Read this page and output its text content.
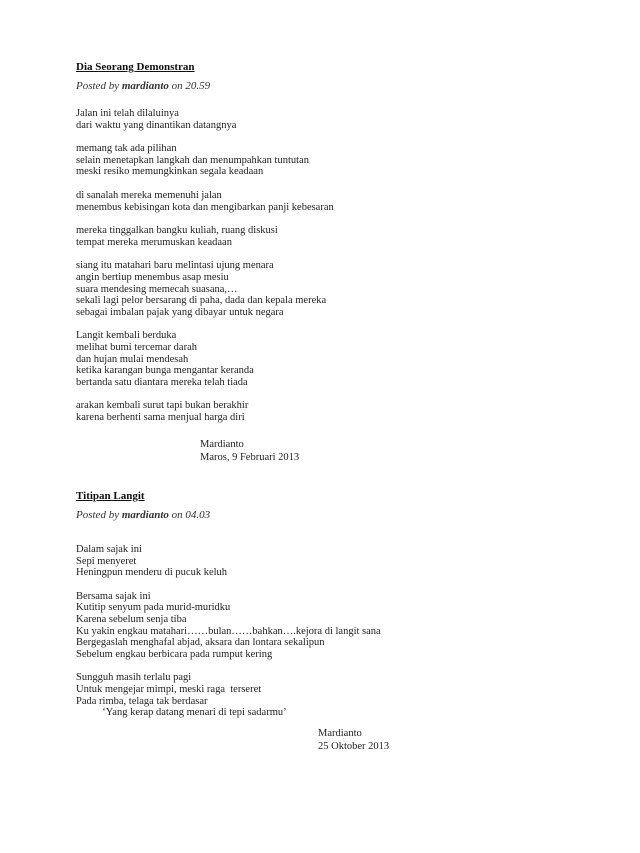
Dia Seorang Demonstran
Posted by mardianto on 20.59
Jalan ini telah dilaluinya
dari waktu yang dinantikan datangnya
memang tak ada pilihan
selain menetapkan langkah dan menumpahkan tuntutan
meski resiko memungkinkan segala keadaan
di sanalah mereka memenuhi jalan
menembus kebisingan kota dan mengibarkan panji kebesaran
mereka tinggalkan bangku kuliah, ruang diskusi
tempat mereka merumuskan keadaan
siang itu matahari baru melintasi ujung menara
angin bertiup menembus asap mesiu
suara mendesing memecah suasana,…
sekali lagi pelor bersarang di paha, dada dan kepala mereka
sebagai imbalan pajak yang dibayar untuk negara
Langit kembali berduka
melihat bumi tercemar darah
dan hujan mulai mendesah
ketika karangan bunga mengantar keranda
bertanda satu diantara mereka telah tiada
arakan kembali surut tapi bukan berakhir
karena berhenti sama menjual harga diri
Mardianto
Maros, 9 Februari 2013
Titipan Langit
Posted by mardianto on 04.03
Dalam sajak ini
Sepi menyeret
Heningpun menderu di pucuk keluh
Bersama sajak ini
Kutitip senyum pada murid-muridku
Karena sebelum senja tiba
Ku yakin engkau matahari……bulan……bahkan….kejora di langit sana
Bergegaslah menghafal abjad, aksara dan lontara sekalipun
Sebelum engkau berbicara pada rumput kering
Sungguh masih terlalu pagi
Untuk mengejar mimpi, meski raga  terseret
Pada rimba, telaga tak berdasar
‘Yang kerap datang menari di tepi sadarmu’
Mardianto
25 Oktober 2013
